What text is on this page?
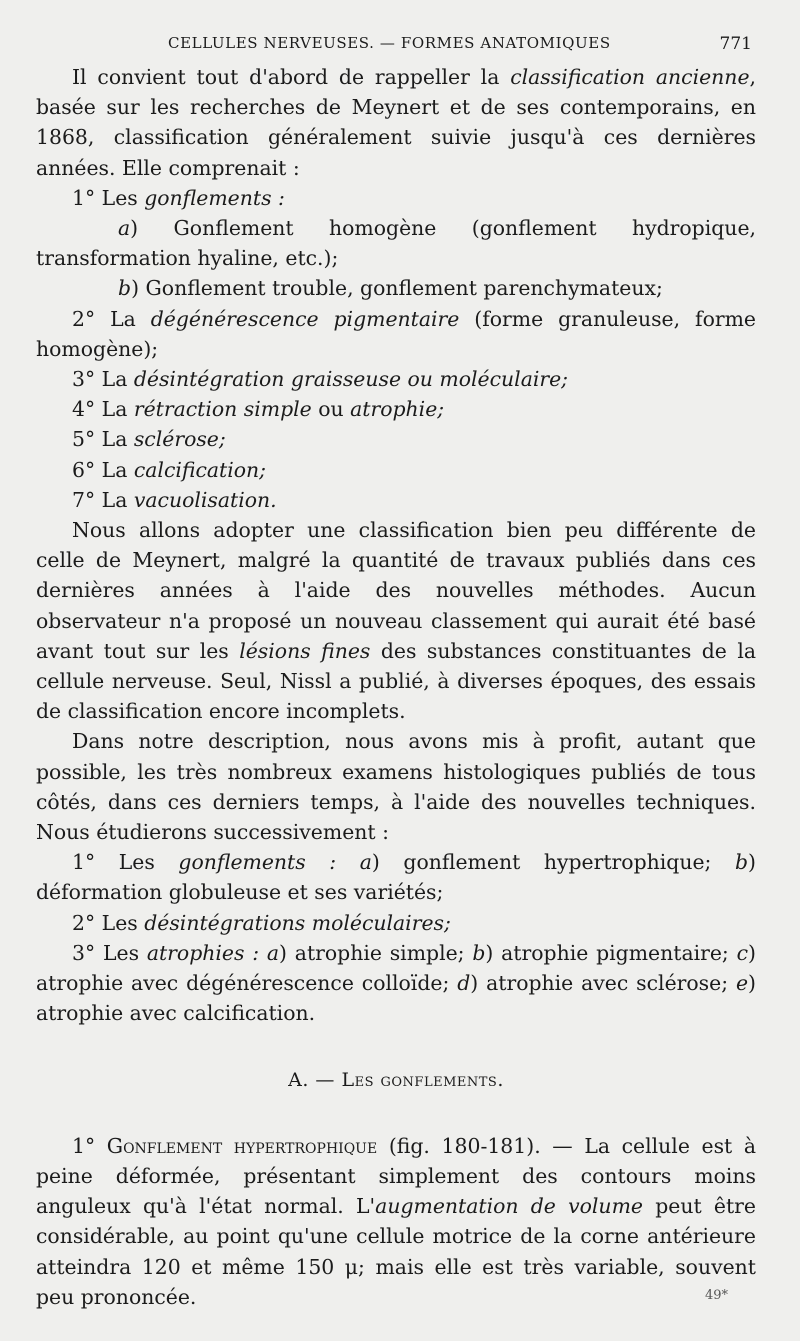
CELLULES NERVEUSES. — FORMES ANATOMIQUES	771

Il convient tout d'abord de rappeller la classification ancienne, basée sur les recherches de Meynert et de ses contemporains, en 1868, classification généralement suivie jusqu'à ces dernières années. Elle comprenait :

1° Les gonflements :

a) Gonflement homogène (gonflement hydropique, transformation hyaline, etc.);

b) Gonflement trouble, gonflement parenchymateux;

2° La dégénérescence pigmentaire (forme granuleuse, forme homogène);

3° La désintégration graisseuse ou moléculaire;

4° La rétraction simple ou atrophie;

5° La sclérose;

6° La calcification;

7° La vacuolisation.

Nous allons adopter une classification bien peu différente de celle de Meynert, malgré la quantité de travaux publiés dans ces dernières années à l'aide des nouvelles méthodes. Aucun observateur n'a proposé un nouveau classement qui aurait été basé avant tout sur les lésions fines des substances constituantes de la cellule nerveuse. Seul, Nissl a publié, à diverses époques, des essais de classification encore incomplets.

Dans notre description, nous avons mis à profit, autant que possible, les très nombreux examens histologiques publiés de tous côtés, dans ces derniers temps, à l'aide des nouvelles techniques. Nous étudierons successivement :

1° Les gonflements : a) gonflement hypertrophique; b) déformation globuleuse et ses variétés;

2° Les désintégrations moléculaires;

3° Les atrophies : a) atrophie simple; b) atrophie pigmentaire; c) atrophie avec dégénérescence colloïde; d) atrophie avec sclérose; e) atrophie avec calcification.

A. — Les gonflements.

1° Gonflement hypertrophique (fig. 180-181). — La cellule est à peine déformée, présentant simplement des contours moins anguleux qu'à l'état normal. L'augmentation de volume peut être considérable, au point qu'une cellule motrice de la corne antérieure atteindra 120 et même 150 μ; mais elle est très variable, souvent peu prononcée.	49*
